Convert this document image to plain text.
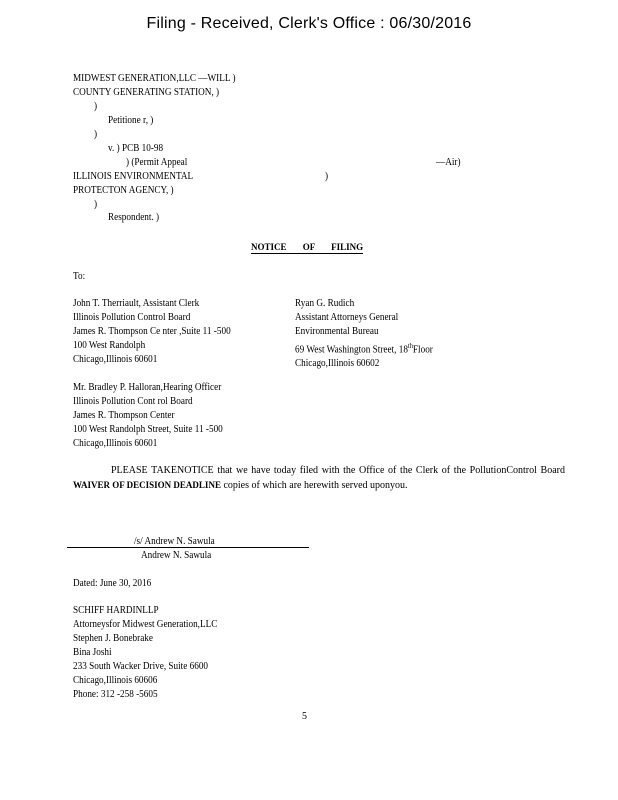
Filing - Received, Clerk's Office : 06/30/2016
MIDWEST GENERATION,LLC —WILL )
COUNTY GENERATING STATION, )
)
Petitione r, )
)
v. ) PCB 10-98
) (Permit Appeal	—Air)
ILLINOIS ENVIRONMENTAL	)
PROTECTON AGENCY, )
)
Respondent. )
NOTICE OF FILING
To:
John T. Therriault, Assistant Clerk
Illinois Pollution Control Board
James R. Thompson Ce nter ,Suite 11 -500
100 West Randolph
Chicago,Illinois 60601
Ryan G. Rudich
Assistant Attorneys General
Environmental Bureau
69 West Washington Street, 18thFloor
Chicago,Illinois 60602
Mr. Bradley P. Halloran,Hearing Officer
Illinois Pollution Cont rol Board
James R. Thompson Center
100 West Randolph Street, Suite 11 -500
Chicago,Illinois 60601
PLEASE TAKENOTICE that we have today filed with the Office of the Clerk of the PollutionControl Board WAIVER OF DECISION DEADLINE copies of which are herewith served uponyou.
/s/ Andrew N. Sawula
Andrew N. Sawula
Dated: June 30, 2016
SCHIFF HARDINLLP
Attorneysfor Midwest Generation,LLC
Stephen J. Bonebrake
Bina Joshi
233 South Wacker Drive, Suite 6600
Chicago,Illinois 60606
Phone: 312 -258 -5605
5
